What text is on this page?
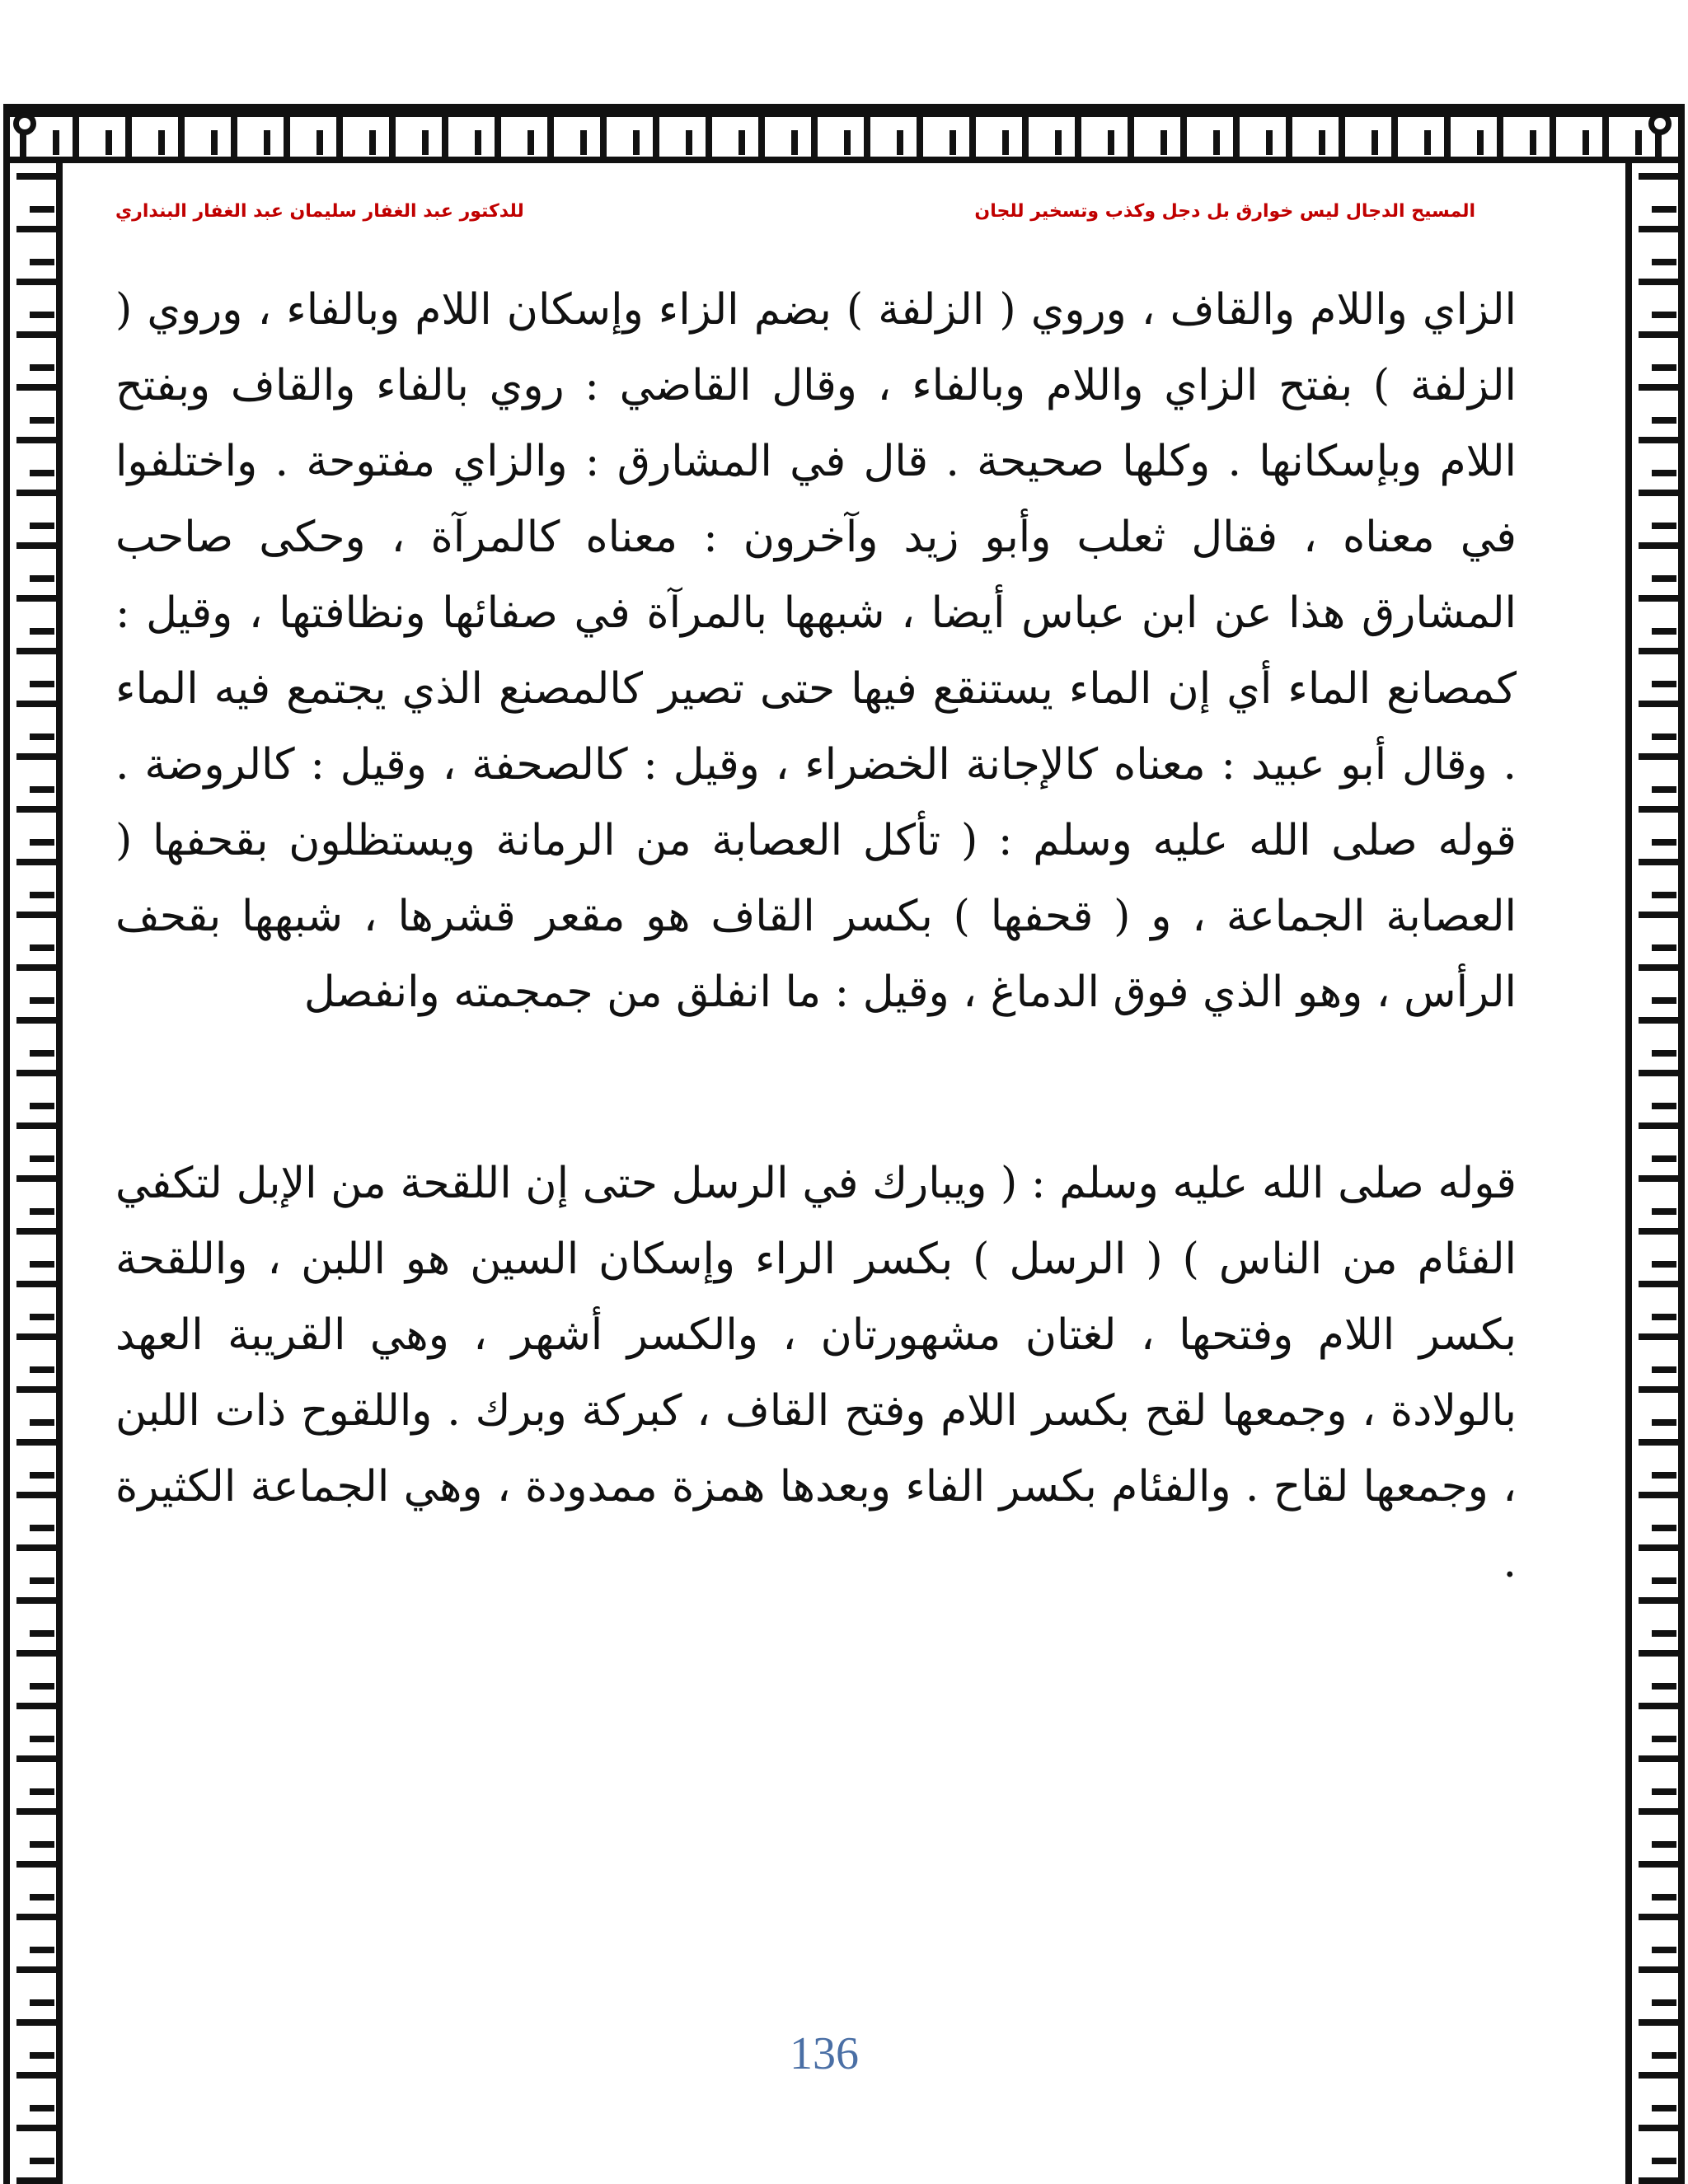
المسيح الدجال ليس خوارق بل دجل وكذب وتسخير للجان
للدكتور عبد الغفار سليمان عبد الغفار البنداري

الزاي واللام والقاف ، وروي ( الزلفة ) بضم الزاء وإسكان اللام وبالفاء ، وروي ( الزلفة ) بفتح الزاي واللام وبالفاء ، وقال القاضي : روي بالفاء والقاف وبفتح اللام وبإسكانها . وكلها صحيحة . قال في المشارق : والزاي مفتوحة . واختلفوا في معناه ، فقال ثعلب وأبو زيد وآخرون : معناه كالمرآة ، وحكى صاحب المشارق هذا عن ابن عباس أيضا ، شبهها بالمرآة في صفائها ونظافتها ، وقيل : كمصانع الماء أي إن الماء يستنقع فيها حتى تصير كالمصنع الذي يجتمع فيه الماء . وقال أبو عبيد : معناه كالإجانة الخضراء ، وقيل : كالصحفة ، وقيل : كالروضة . قوله صلى الله عليه وسلم : ( تأكل العصابة من الرمانة ويستظلون بقحفها ( العصابة الجماعة ، و ( قحفها ) بكسر القاف هو مقعر قشرها ، شبهها بقحف الرأس ، وهو الذي فوق الدماغ ، وقيل : ما انفلق من جمجمته وانفصل

قوله صلى الله عليه وسلم : ( ويبارك في الرسل حتى إن اللقحة من الإبل لتكفي الفئام من الناس ) ( الرسل ) بكسر الراء وإسكان السين هو اللبن ، واللقحة بكسر اللام وفتحها ، لغتان مشهورتان ، والكسر أشهر ، وهي القريبة العهد بالولادة ، وجمعها لقح بكسر اللام وفتح القاف ، كبركة وبرك . واللقوح ذات اللبن ، وجمعها لقاح . والفئام بكسر الفاء وبعدها همزة ممدودة ، وهي الجماعة الكثيرة .

136
